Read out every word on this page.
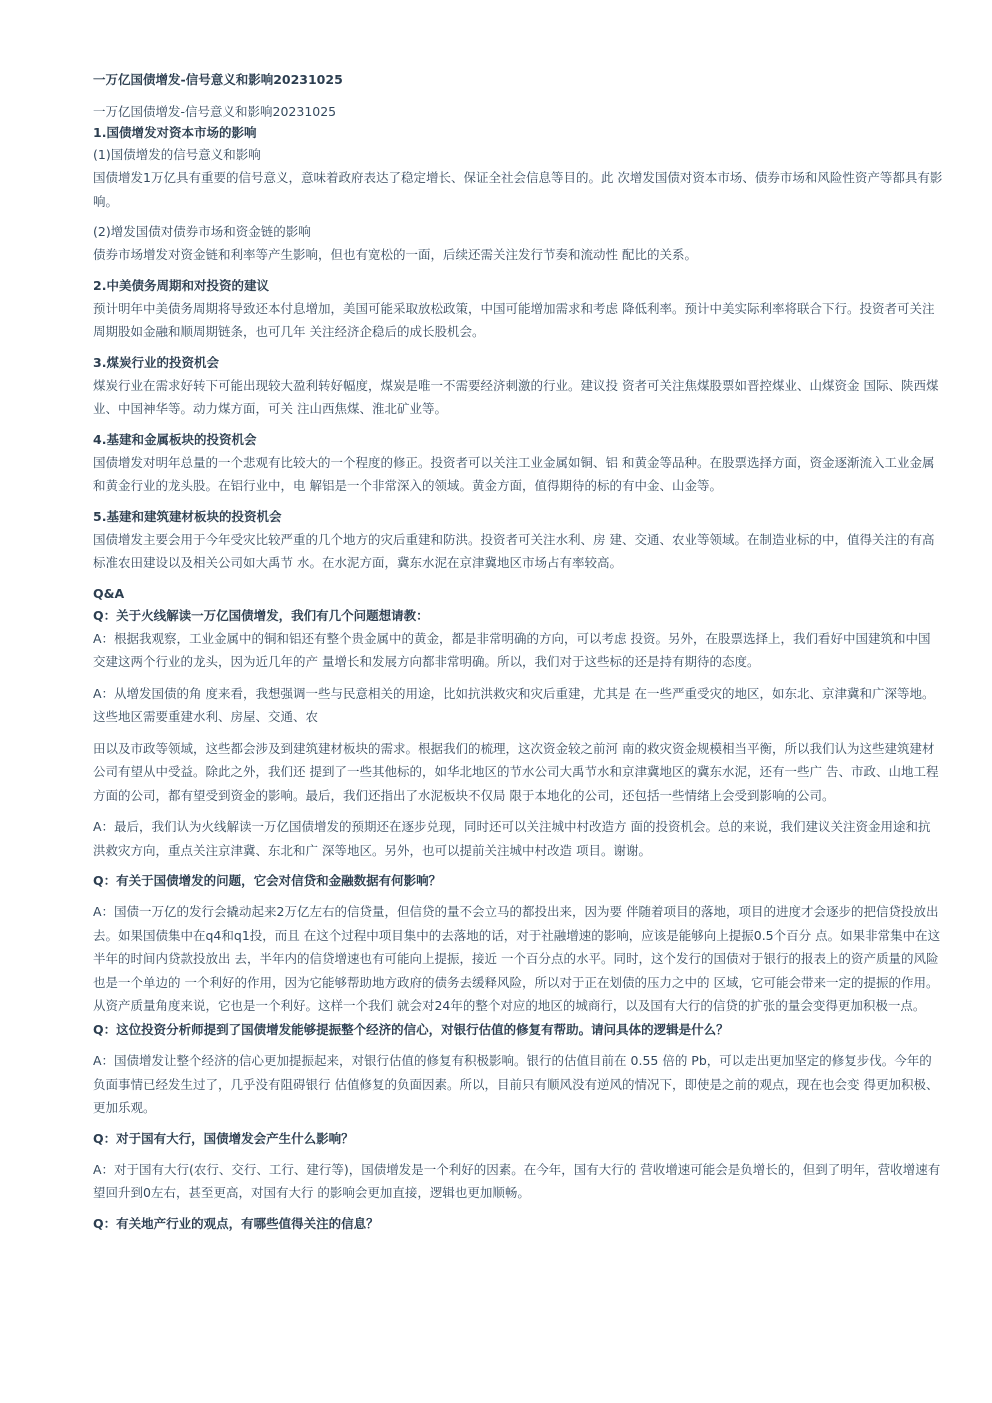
一万亿国债增发-信号意义和影响20231025

一万亿国债增发-信号意义和影响20231025

1.国债增发对资本市场的影响

(1)国债增发的信号意义和影响

国债增发1万亿具有重要的信号意义，意味着政府表达了稳定增长、保证全社会信息等目的。此 次增发国债对资本市场、债券市场和风险性资产等都具有影响。

(2)增发国债对债券市场和资金链的影响

债券市场增发对资金链和利率等产生影响，但也有宽松的一面，后续还需关注发行节奏和流动性 配比的关系。

2.中美债务周期和对投资的建议

预计明年中美债务周期将导致还本付息增加，美国可能采取放松政策，中国可能增加需求和考虑 降低利率。预计中美实际利率将联合下行。投资者可关注周期股如金融和顺周期链条，也可几年 关注经济企稳后的成长股机会。

3.煤炭行业的投资机会

煤炭行业在需求好转下可能出现较大盈利转好幅度，煤炭是唯一不需要经济刺激的行业。建议投 资者可关注焦煤股票如晋控煤业、山煤资金 国际、陕西煤业、中国神华等。动力煤方面，可关 注山西焦煤、淮北矿业等。

4.基建和金属板块的投资机会

国债增发对明年总量的一个悲观有比较大的一个程度的修正。投资者可以关注工业金属如铜、铝 和黄金等品种。在股票选择方面，资金逐渐流入工业金属和黄金行业的龙头股。在铝行业中，电 解铝是一个非常深入的领域。黄金方面，值得期待的标的有中金、山金等。

5.基建和建筑建材板块的投资机会

国债增发主要会用于今年受灾比较严重的几个地方的灾后重建和防洪。投资者可关注水利、房 建、交通、农业等领域。在制造业标的中，值得关注的有高标准农田建设以及相关公司如大禹节 水。在水泥方面，冀东水泥在京津冀地区市场占有率较高。

Q&A

Q：关于火线解读一万亿国债增发，我们有几个问题想请教：

A：根据我观察，工业金属中的铜和铝还有整个贵金属中的黄金，都是非常明确的方向，可以考虑 投资。另外，在股票选择上，我们看好中国建筑和中国交建这两个行业的龙头，因为近几年的产 量增长和发展方向都非常明确。所以，我们对于这些标的还是持有期待的态度。

A：从增发国债的角 度来看，我想强调一些与民意相关的用途，比如抗洪救灾和灾后重建，尤其是 在一些严重受灾的地区，如东北、京津冀和广深等地。这些地区需要重建水利、房屋、交通、农

田以及市政等领域，这些都会涉及到建筑建材板块的需求。根据我们的梳理，这次资金较之前河 南的救灾资金规模相当平衡，所以我们认为这些建筑建材公司有望从中受益。除此之外，我们还 提到了一些其他标的，如华北地区的节水公司大禹节水和京津冀地区的冀东水泥，还有一些广 告、市政、山地工程方面的公司，都有望受到资金的影响。最后，我们还指出了水泥板块不仅局 限于本地化的公司，还包括一些情绪上会受到影响的公司。

A：最后，我们认为火线解读一万亿国债增发的预期还在逐步兑现，同时还可以关注城中村改造方 面的投资机会。总的来说，我们建议关注资金用途和抗洪救灾方向，重点关注京津冀、东北和广 深等地区。另外，也可以提前关注城中村改造 项目。谢谢。

Q：有关于国债增发的问题，它会对信贷和金融数据有何影响？

A：国债一万亿的发行会撬动起来2万亿左右的信贷量，但信贷的量不会立马的都投出来，因为要 伴随着项目的落地，项目的进度才会逐步的把信贷投放出去。如果国债集中在q4和q1投，而且 在这个过程中项目集中的去落地的话，对于社融增速的影响，应该是能够向上提振0.5个百分 点。如果非常集中在这半年的时间内贷款投放出 去，半年内的信贷增速也有可能向上提振，接近 一个百分点的水平。同时，这个发行的国债对于银行的报表上的资产质量的风险也是一个单边的 一个利好的作用，因为它能够帮助地方政府的债务去缓释风险，所以对于正在划债的压力之中的 区域，它可能会带来一定的提振的作用。从资产质量角度来说，它也是一个利好。这样一个我们 就会对24年的整个对应的地区的城商行，以及国有大行的信贷的扩张的量会变得更加积极一点。Q：这位投资分析师提到了国债增发能够提振整个经济的信心，对银行估值的修复有帮助。请问具体的逻辑是什么？

A：国债增发让整个经济的信心更加提振起来，对银行估值的修复有积极影响。银行的估值目前在 0.55 倍的 Pb，可以走出更加坚定的修复步伐。今年的负面事情已经发生过了，几乎没有阻碍银行 估值修复的负面因素。所以，目前只有顺风没有逆风的情况下，即使是之前的观点，现在也会变 得更加积极、更加乐观。

Q：对于国有大行，国债增发会产生什么影响？

A：对于国有大行(农行、交行、工行、建行等)，国债增发是一个利好的因素。在今年，国有大行的 营收增速可能会是负增长的，但到了明年，营收增速有望回升到0左右，甚至更高，对国有大行 的影响会更加直接，逻辑也更加顺畅。

Q：有关地产行业的观点，有哪些值得关注的信息？
